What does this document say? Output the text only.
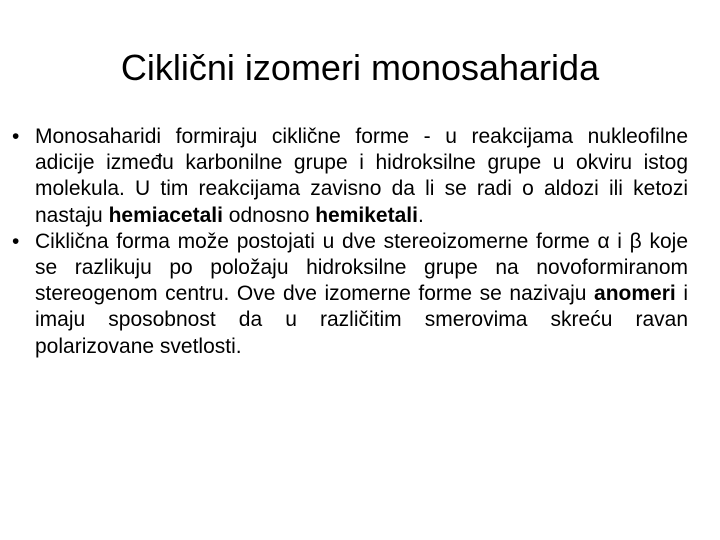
Ciklični izomeri monosaharida
• Monosaharidi formiraju ciklične forme - u reakcijama nukleofilne adicije između karbonilne grupe i hidroksilne grupe u okviru istog molekula. U tim reakcijama zavisno da li se radi o aldozi ili ketozi nastaju hemiacetali odnosno hemiketali.
• Ciklična forma može postojati u dve stereoizomerne forme α i β koje se razlikuju po položaju hidroksilne grupe na novoformiranom stereogenom centru. Ove dve izomerne forme se nazivaju anomeri i imaju sposobnost da u različitim smerovima skreću ravan polarizovane svetlosti.
